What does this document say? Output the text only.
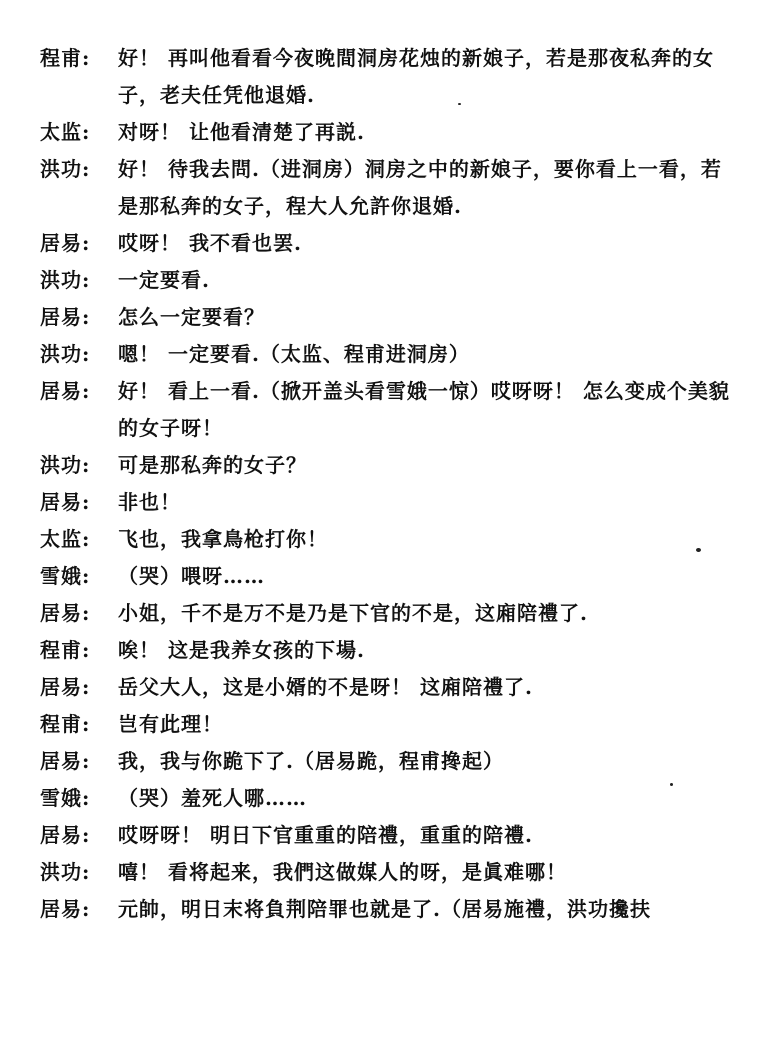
程甫:	好！ 再叫他看看今夜晚間洞房花烛的新娘子，若是那夜私奔的女子，老夫任凭他退婚.
太监:	对呀！ 让他看清楚了再説.
洪功:	好！ 待我去問.（进洞房）洞房之中的新娘子，要你看上一看，若是那私奔的女子，程大人允許你退婚.
居易:	哎呀！ 我不看也罢.
洪功:	一定要看.
居易:	怎么一定要看？
洪功:	嗯！ 一定要看.（太监、程甫进洞房）
居易:	好！ 看上一看.（掀开盖头看雪娥一惊）哎呀呀！ 怎么变成个美貌的女子呀！
洪功:	可是那私奔的女子？
居易:	非也！
太监:	飞也，我拿鳥枪打你！
雪娥:	（哭）喂呀……
居易:	小姐，千不是万不是乃是下官的不是，这廂陪禮了.
程甫:	唉！ 这是我养女孩的下場.
居易:	岳父大人，这是小婿的不是呀！ 这廂陪禮了.
程甫:	岂有此理！
居易:	我，我与你跪下了.（居易跪，程甫搀起）
雪娥:	（哭）羞死人哪……
居易:	哎呀呀！ 明日下官重重的陪禮，重重的陪禮.
洪功:	嘻！ 看将起来，我們这做媒人的呀，是眞难哪！
居易:	元帥，明日末将負荆陪罪也就是了.（居易施禮，洪功攙扶
